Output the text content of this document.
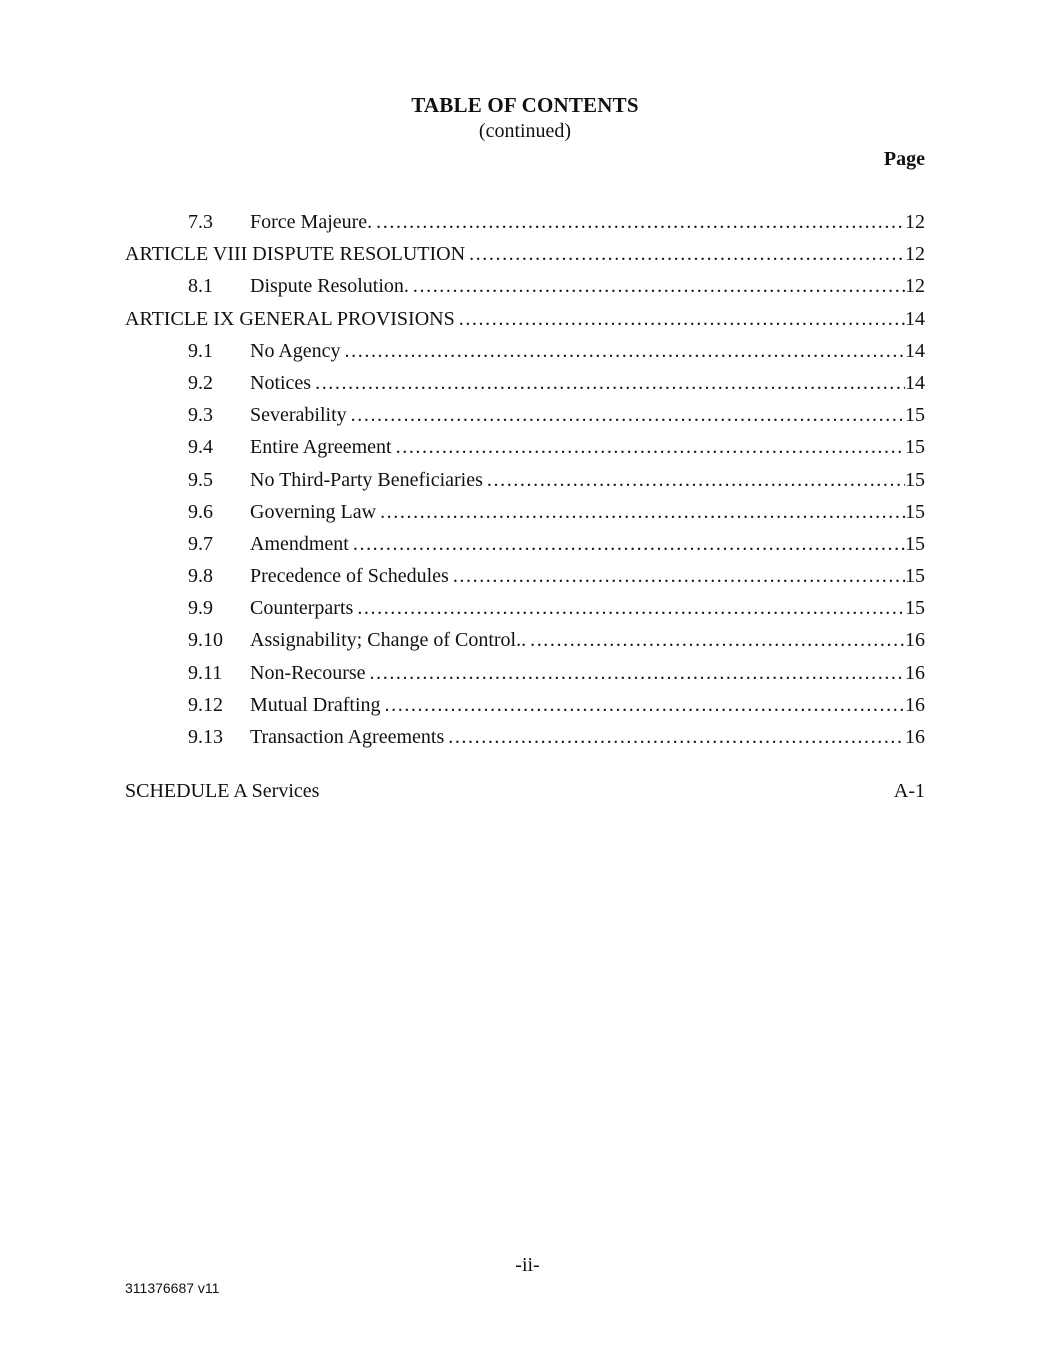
TABLE OF CONTENTS
(continued)
Page
7.3	Force Majeure. .....	12
ARTICLE VIII DISPUTE RESOLUTION .....	12
8.1	Dispute Resolution. .....	12
ARTICLE IX GENERAL PROVISIONS .....	14
9.1	No Agency .....	14
9.2	Notices .....	14
9.3	Severability .....	15
9.4	Entire Agreement .....	15
9.5	No Third-Party Beneficiaries .....	15
9.6	Governing Law .....	15
9.7	Amendment .....	15
9.8	Precedence of Schedules .....	15
9.9	Counterparts .....	15
9.10	Assignability; Change of Control.. .....	16
9.11	Non-Recourse .....	16
9.12	Mutual Drafting .....	16
9.13	Transaction Agreements .....	16
SCHEDULE A Services	A-1
-ii-
311376687 v11
